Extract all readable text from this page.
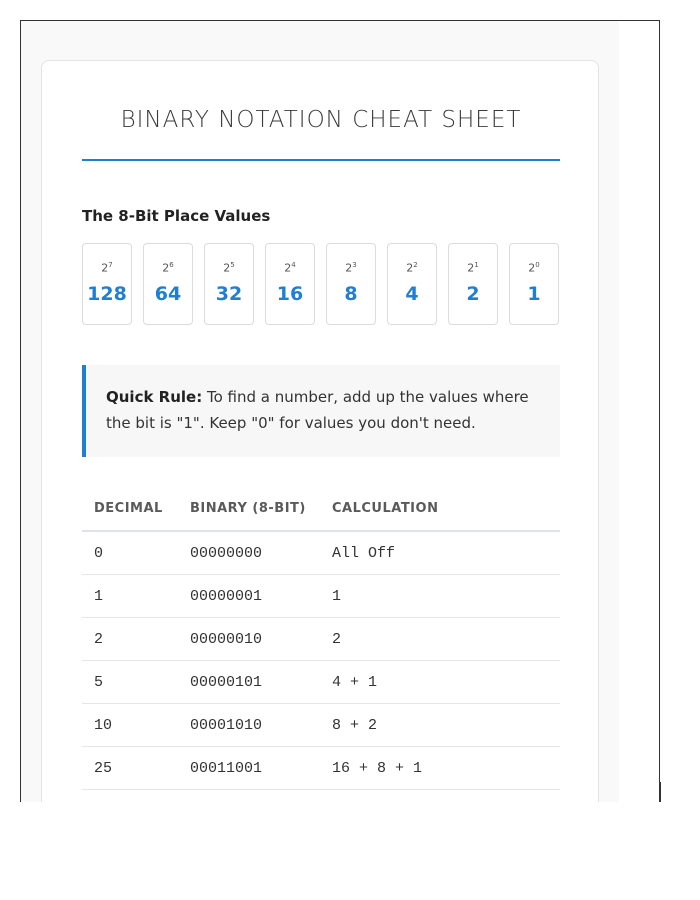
BINARY NOTATION CHEAT SHEET
The 8-Bit Place Values
$2^7$
128
$2^6$
64
$2^5$
32
$2^4$
16
$2^3$
8
$2^2$
4
$2^1$
2
$2^0$
1
Quick Rule: To find a number, add up the values where the bit is "1". Keep "0" for values you don't need.
DECIMAL BINARY (8-BIT) CALCULATION
0	00000000	All Off
1	00000001	1
2	00000010	2
5	00000101	4 + 1
10	00001010	8 + 2
25	00011001	16 + 8 + 1
